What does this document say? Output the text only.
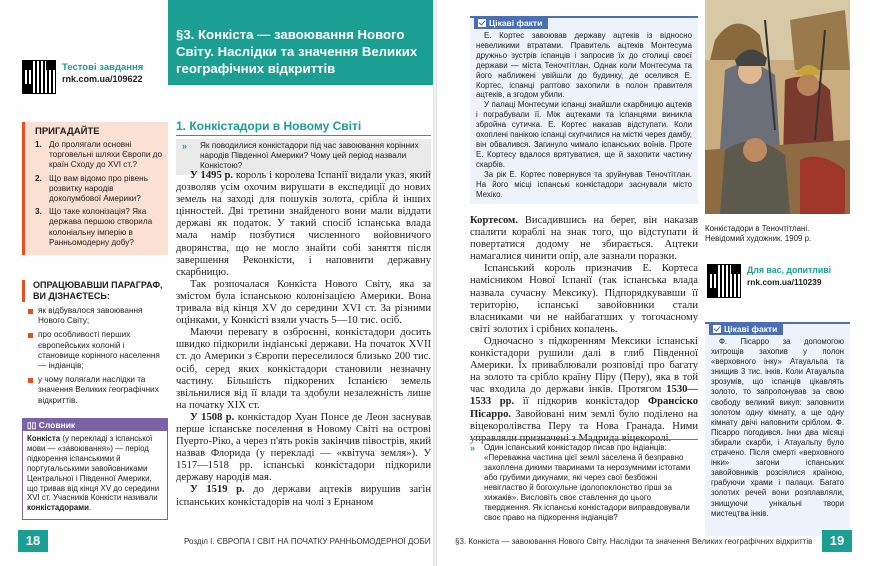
§3. Конкіста — завоювання Нового Світу. Наслідки та значення Великих географічних відкриттів
Тестові завдання
rnk.com.ua/109622
ПРИГАДАЙТЕ
1. До пролягали основні торговельні шляхи Європи до країн Сходу до XVI ст.?
2. Що вам відомо про рівень розвитку народів доколумбової Америки?
3. Що таке колонізація? Яка держава першою створила колоніальну імперію в Ранньомодерну добу?
ОПРАЦЮВАВШИ ПАРАГРАФ, ВИ ДІЗНАЄТЕСЬ:
як відбувалося завоювання Нового Світу;
про особливості перших європейських колоній і становище корінного населення — індіанців;
у чому полягали наслідки та значення Великих географічних відкриттів.
▯▯ Словник
Конкіста (у перекладі з іспанської мови — «завоювання») — період підкорення іспанськими й португальськими завойовниками Центральної і Південної Америки, що тривав від кінця XV до середини XVI ст. Учасників Конкісти називали конкістадорами.
1. Конкістадори в Новому Світі
» Як поводилися конкістадори під час завоювання корінних народів Південної Америки? Чому цей період назвали Конкістою?

У 1495 р. король і королева Іспанії видали указ, який дозволяв усім охочим вирушати в експедиції до нових земель на заході для пошуків золота, срібла й інших цінностей. Дві третини знайденого вони мали віддати державі як податок. У такий спосіб іспанська влада мала намір позбутися численного войовничого дворянства, що не могло знайти собі заняття після завершення Реконкісти, і наповнити державну скарбницю.

Так розпочалася Конкіста Нового Світу, яка за змістом була іспанською колонізацією Америки. Вона тривала від кінця XV до середини XVI ст. За різними оцінками, у Конкісті взяли участь 5—10 тис. осіб.

Маючи перевагу в озброєнні, конкістадори досить швидко підкорили індіанські держави. На початок XVII ст. до Америки з Європи переселилося близько 200 тис. осіб, серед яких конкістадори становили незначну частину. Більшість підкорених Іспанією земель звільнилися від її влади та здобули незалежність лише на початку XIX ст.

У 1508 р. конкістадор Хуан Понсе де Леон заснував перше іспанське поселення в Новому Світі на острові Пуерто-Ріко, а через п'ять років закінчив півострів, який назвав Флорида (у перекладі — «квітуча земля»). У 1517—1518 рр. іспанські конкістадори підкорили державу народів мая.

У 1519 р. до держави ацтеків вирушив загін іспанських конкістадорів на чолі з Ернаном

18	Розділ І. ЄВРОПА І СВІТ НА ПОЧАТКУ РАННЬОМОДЕРНОЇ ДОБИ
Цікаві факти

Е. Кортес завоював державу ацтеків із відносно невеликими втратами. Правитель ацтеків Монтесума дружньо зустрів іспанців і запросив їх до столиці своєї держави — міста Теночтітлан. Однак коли Монтесума та його наближені увійшли до будинку, де оселився Е. Кортес, іспанці раптово захопили в полон правителя ацтеків, а згодом убили.

У палаці Монтесуми іспанці знайшли скарбницю ацтеків і пограбували її. Між ацтеками та іспанцями виникла збройна сутичка. Е. Кортес наказав відступати. Коли охоплені панікою іспанці скупчилися на місткі через дамбу, він обвалився. Загинуло чимало іспанських воїнів. Проте Е. Кортесу вдалося врятуватися, ще й захопити частину скарбів.

За рік Е. Кортес повернувся та зруйнував Теночтітлан. На його місці іспанські конкістадори заснували місто Мехіко.

Кортесом. Висадившись на берег, він наказав спалити кораблі на знак того, що відступати й повертатися додому не збирається. Ацтеки намагалися чинити опір, але зазнали поразки.

Іспанський король призначив Е. Кортеса намісником Нової Іспанії (так іспанська влада назвала сучасну Мексику). Підпорядкувавши її територію, іспанські завойовники стали власниками чи не найбагатших у тогочасному світі золотих і срібних копалень.

Одночасно з підкоренням Мексики іспанські конкістадори рушили далі в глиб Південної Америки. Їх приваблювали розповіді про багату на золото та срібло країну Піру (Перу), яка в той час входила до держави інків. Протягом 1530—1533 рр. її підкорив конкістадор Франсіско Пісарро. Завойовані ним землі було поділено на віцекоролівства Перу та Нова Гранада. Ними управляли призначені з Мадрида віцекоролі.

» Один іспанський конкістадор писав про індіанців: «Переважна частина цієї землі заселена й безправно захоплена дикими тваринами та нерозумними істотами або грубими дикунами, які через свої безбожні невіглаcтво й богохульне ідолопоклонство гірші за хижаків». Висловіть своє ставлення до цього твердження. Як іспанські конкістадори виправдовували своє право на підкорення індіанців?
Конкістадори в Теночтітлані. Невідомий художник. 1909 р.
Для вас, допитливі
rnk.com.ua/110239
Цікаві факти

Ф. Пісарро за допомогою хитрощів захопив у полон «верховного інку» Атауальпа та знищив 3 тис. інків. Коли Атауальпа зрозумів, що іспанців цікавлять золото, то запропонував за свою свободу великий викуп: заповнити золотом одну кімнату, а ще одну кімнату двічі наповнити сріблом. Ф. Пісарро погодився. Інки два місяці збирали скарби, і Атауальпу було страчено. Після смерті «верховного інки» загони іспанських завойовників розсіялися країною, грабуючи храми і палаци. Багато золотих речей вони розплавляли, знищуючи унікальні твори мистецтва інків.

§3. Конкіста — завоювання Нового Світу. Наслідки та значення Великих географічних відкриттів	19
